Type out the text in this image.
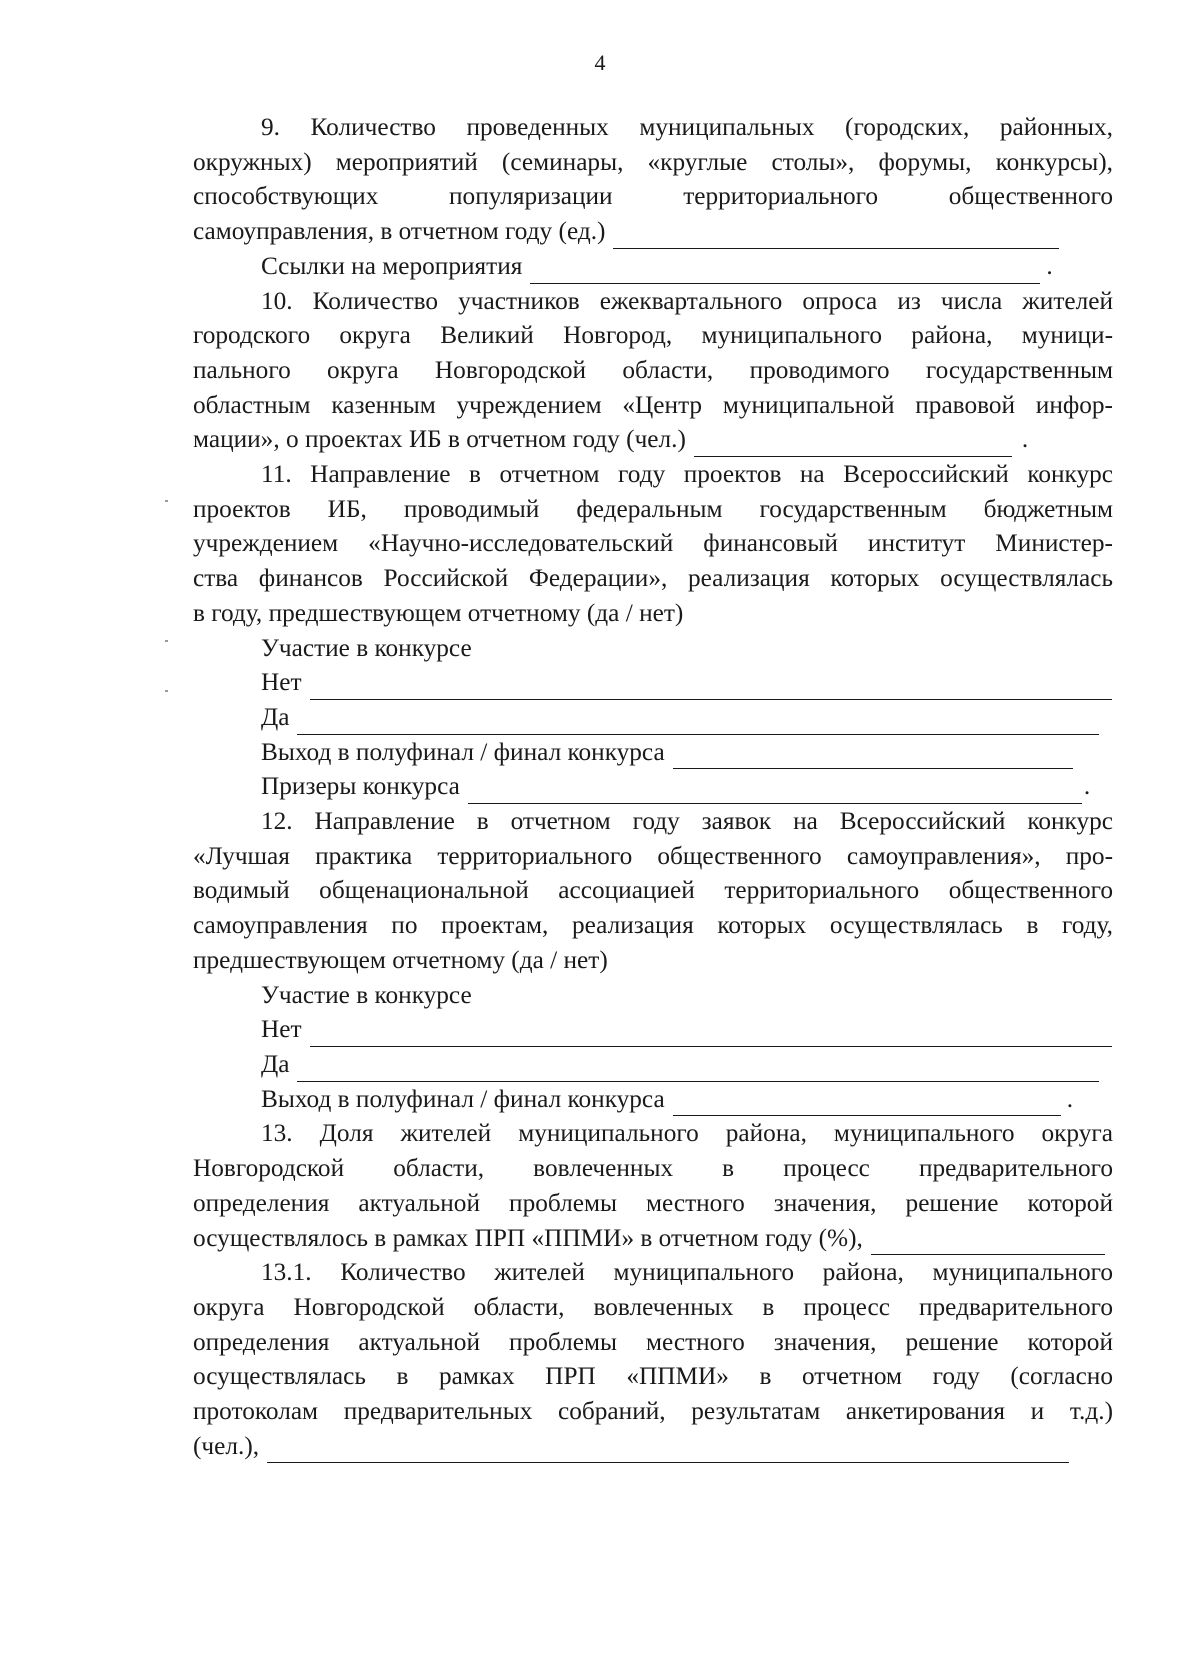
4
9. Количество проведенных муниципальных (городских, районных,
окружных) мероприятий (семинары, «круглые столы», форумы, конкурсы),
способствующих популяризации территориального общественного
самоуправления, в отчетном году (ед.)
Ссылки на мероприятия	.
10. Количество участников ежеквартального опроса из числа жителей
городского округа Великий Новгород, муниципального района, муници-
пального округа Новгородской области, проводимого государственным
областным казенным учреждением «Центр муниципальной правовой инфор-
мации», о проектах ИБ в отчетном году (чел.)	.
11. Направление в отчетном году проектов на Всероссийский конкурс
проектов ИБ, проводимый федеральным государственным бюджетным
учреждением «Научно-исследовательский финансовый институт Министер-
ства финансов Российской Федерации», реализация которых осуществлялась
в году, предшествующем отчетному (да / нет)
Участие в конкурсе
Нет
Да
Выход в полуфинал / финал конкурса
Призеры конкурса	.
12. Направление в отчетном году заявок на Всероссийский конкурс
«Лучшая практика территориального общественного самоуправления», про-
водимый общенациональной ассоциацией территориального общественного
самоуправления по проектам, реализация которых осуществлялась в году,
предшествующем отчетному (да / нет)
Участие в конкурсе
Нет
Да
Выход в полуфинал / финал конкурса	.
13. Доля жителей муниципального района, муниципального округа
Новгородской области, вовлеченных в процесс предварительного
определения актуальной проблемы местного значения, решение которой
осуществлялось в рамках ПРП «ППМИ» в отчетном году (%),
13.1. Количество жителей муниципального района, муниципального
округа Новгородской области, вовлеченных в процесс предварительного
определения актуальной проблемы местного значения, решение которой
осуществлялась в рамках ПРП «ППМИ» в отчетном году (согласно
протоколам предварительных собраний, результатам анкетирования и т.д.)
(чел.),
